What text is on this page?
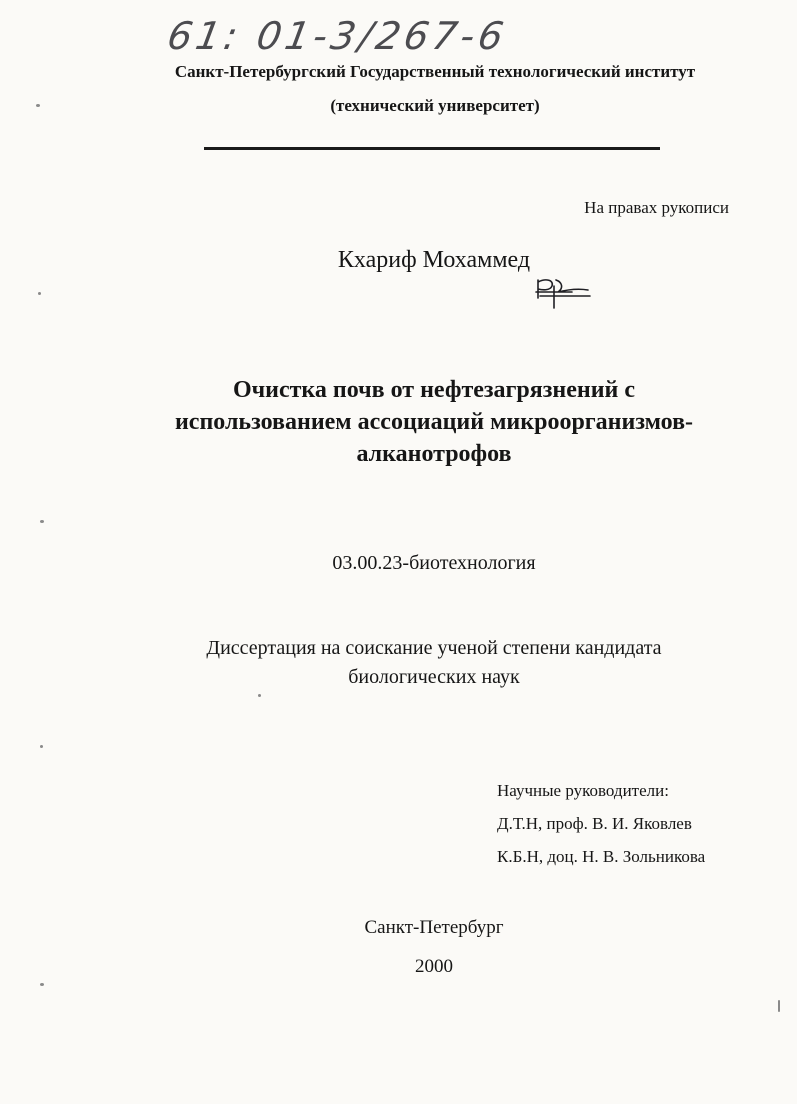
61: 01-3/267-6
Санкт-Петербургский Государственный технологический институт
(технический университет)
На правах рукописи
Кхариф Мохаммед
Очистка почв от нефтезагрязнений с
использованием ассоциаций микроорганизмов-
алканотрофов
03.00.23-биотехнология
Диссертация на соискание ученой степени кандидата
биологических наук
Научные руководители:
Д.Т.Н, проф. В. И. Яковлев
К.Б.Н, доц. Н. В. Зольникова
Санкт-Петербург
2000
